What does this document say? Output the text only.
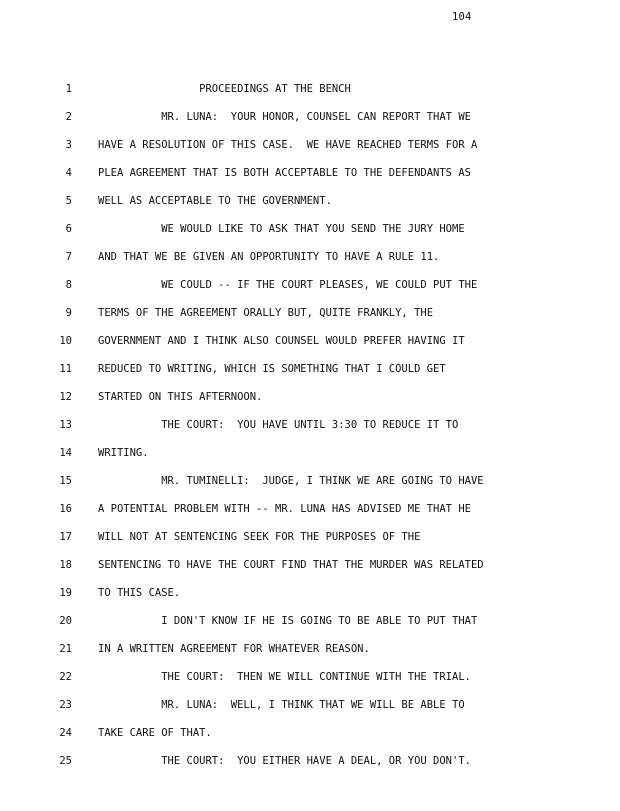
104
1 PROCEEDINGS AT THE BENCH
2 MR. LUNA:  YOUR HONOR, COUNSEL CAN REPORT THAT WE
3 HAVE A RESOLUTION OF THIS CASE.  WE HAVE REACHED TERMS FOR A
4 PLEA AGREEMENT THAT IS BOTH ACCEPTABLE TO THE DEFENDANTS AS
5 WELL AS ACCEPTABLE TO THE GOVERNMENT.
6 WE WOULD LIKE TO ASK THAT YOU SEND THE JURY HOME
7 AND THAT WE BE GIVEN AN OPPORTUNITY TO HAVE A RULE 11.
8 WE COULD -- IF THE COURT PLEASES, WE COULD PUT THE
9 TERMS OF THE AGREEMENT ORALLY BUT, QUITE FRANKLY, THE
10 GOVERNMENT AND I THINK ALSO COUNSEL WOULD PREFER HAVING IT
11 REDUCED TO WRITING, WHICH IS SOMETHING THAT I COULD GET
12 STARTED ON THIS AFTERNOON.
13 THE COURT:  YOU HAVE UNTIL 3:30 TO REDUCE IT TO
14 WRITING.
15 MR. TUMINELLI:  JUDGE, I THINK WE ARE GOING TO HAVE
16 A POTENTIAL PROBLEM WITH -- MR. LUNA HAS ADVISED ME THAT HE
17 WILL NOT AT SENTENCING SEEK FOR THE PURPOSES OF THE
18 SENTENCING TO HAVE THE COURT FIND THAT THE MURDER WAS RELATED
19 TO THIS CASE.
20 I DON'T KNOW IF HE IS GOING TO BE ABLE TO PUT THAT
21 IN A WRITTEN AGREEMENT FOR WHATEVER REASON.
22 THE COURT:  THEN WE WILL CONTINUE WITH THE TRIAL.
23 MR. LUNA:  WELL, I THINK THAT WE WILL BE ABLE TO
24 TAKE CARE OF THAT.
25 THE COURT:  YOU EITHER HAVE A DEAL, OR YOU DON'T.
